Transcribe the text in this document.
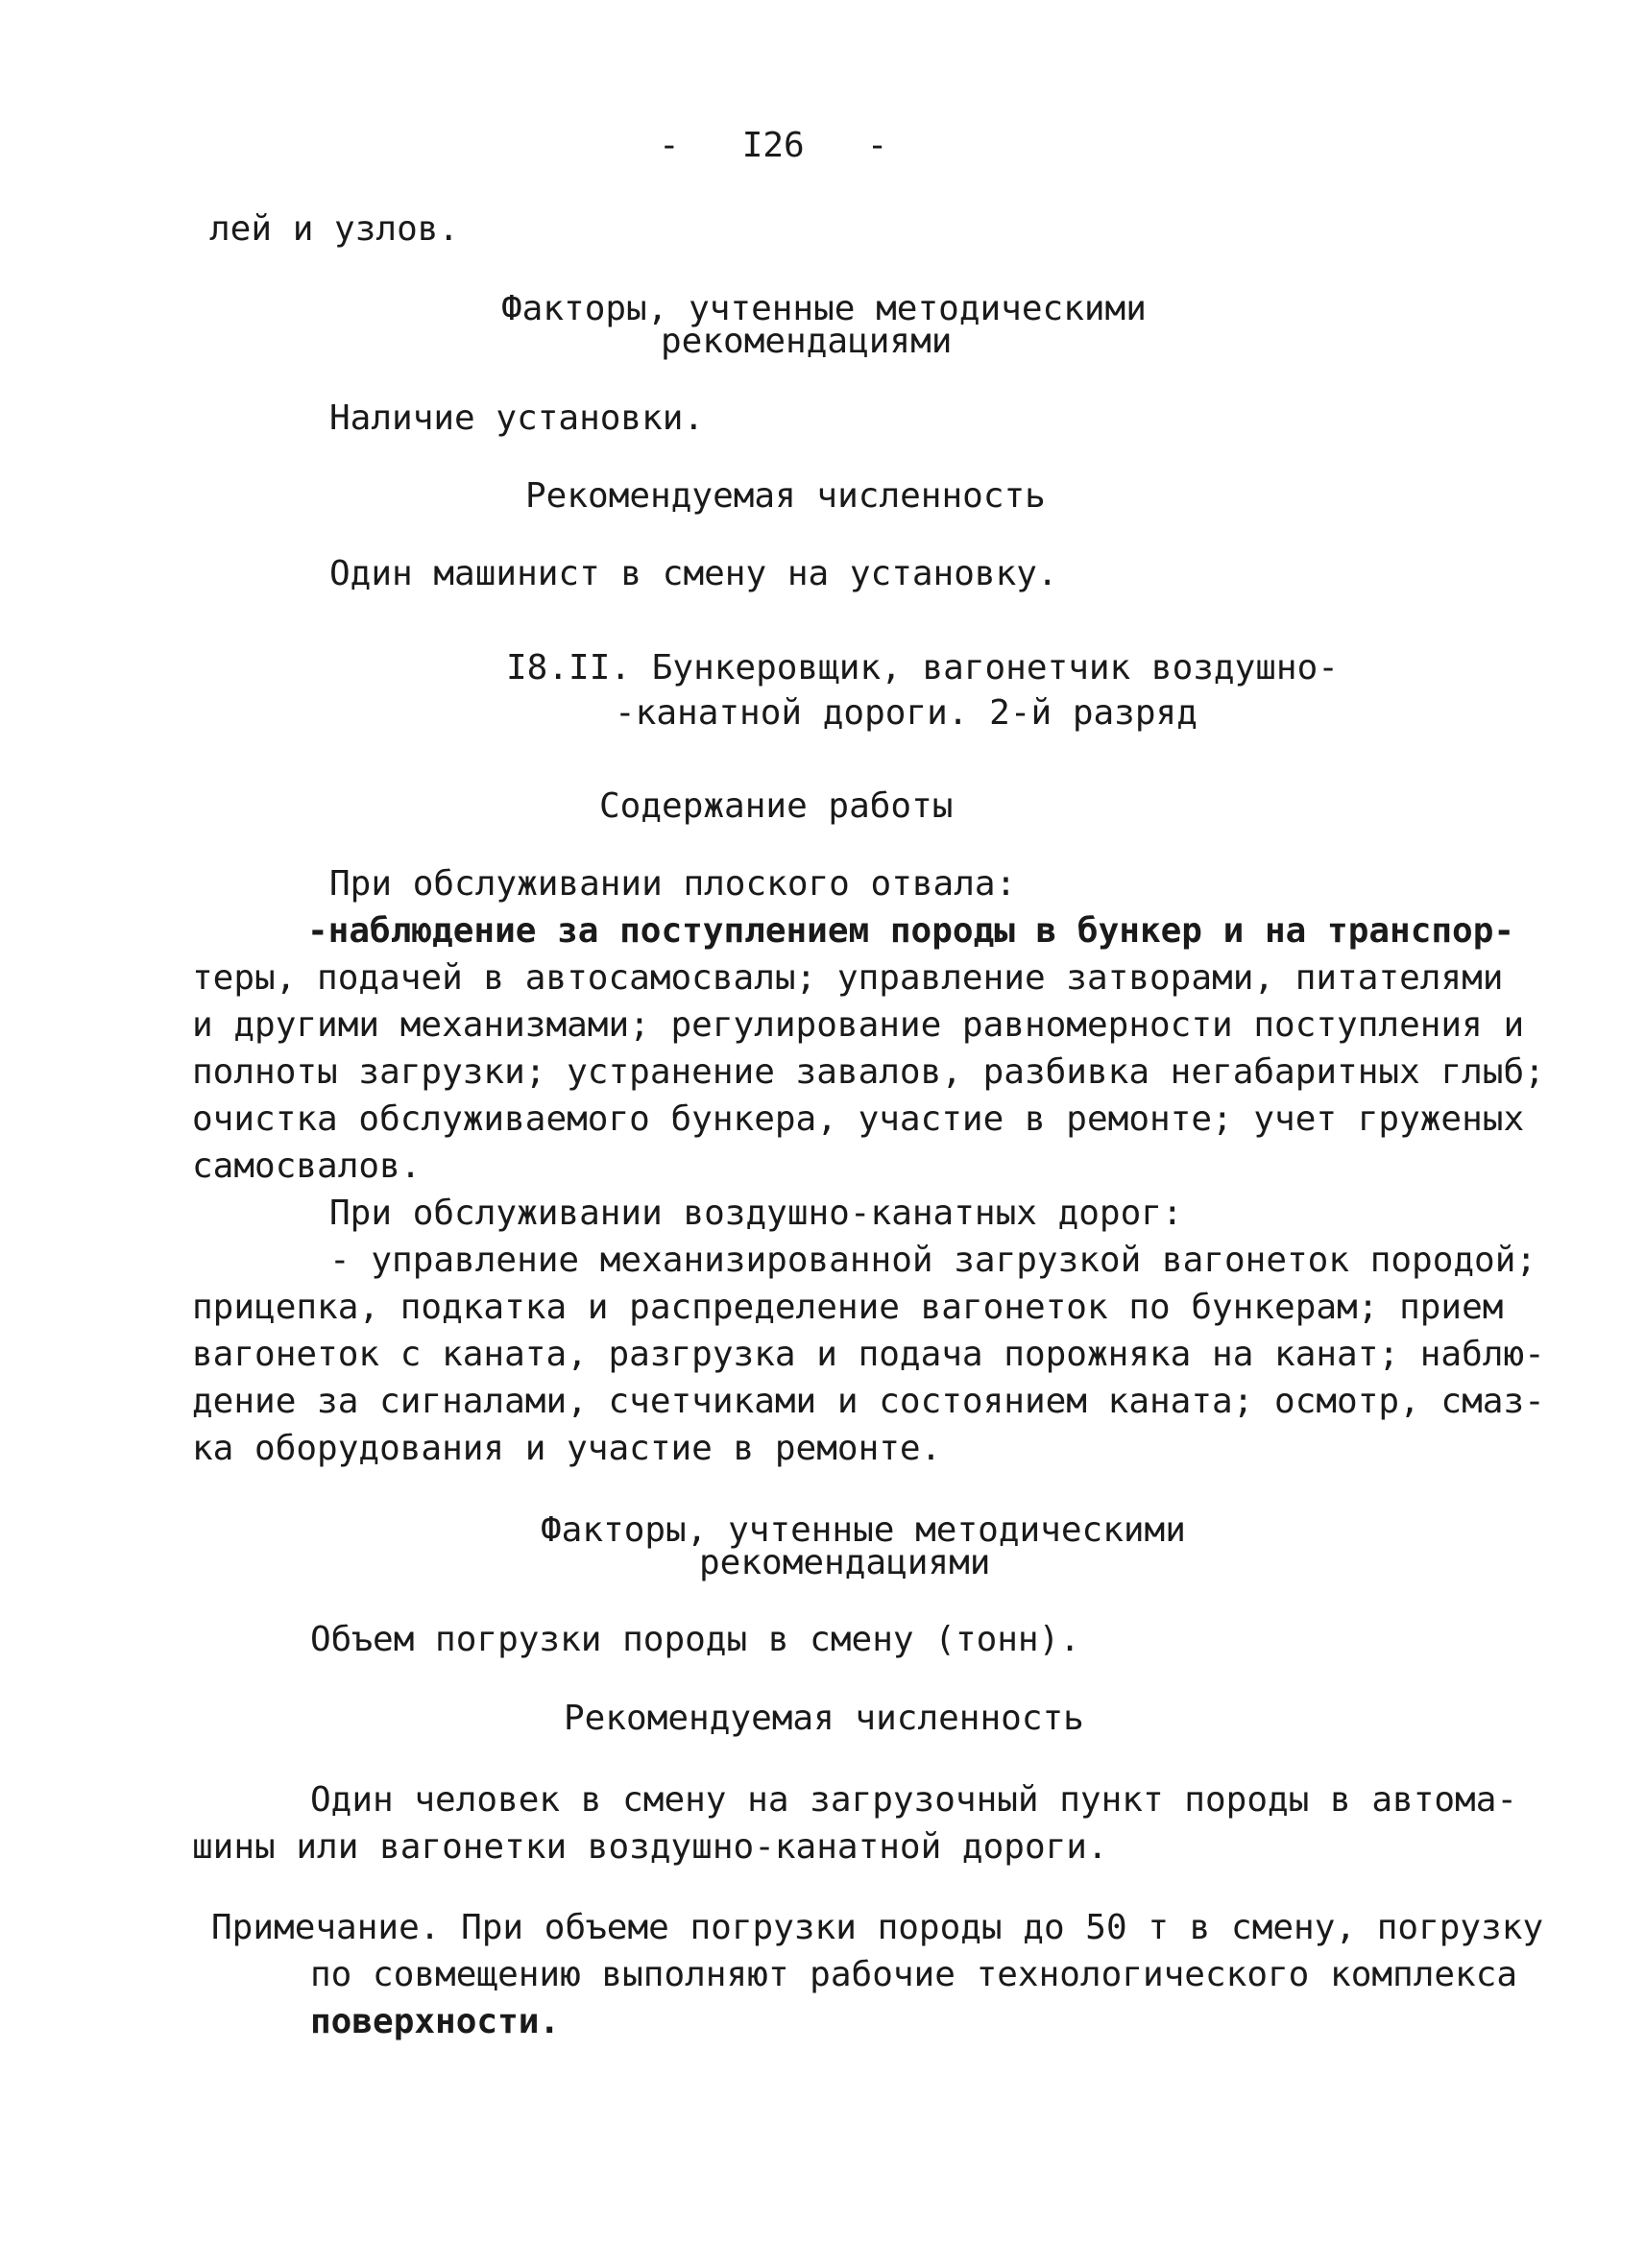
-   I26   -

лей и узлов.

Факторы, учтенные методическими

рекомендациями

Наличие установки.

Рекомендуемая численность

Один машинист в смену на установку.

I8.II. Бункеровщик, вагонетчик воздушно-

-канатной дороги. 2-й разряд

Содержание работы

При обслуживании плоского отвала:

-наблюдение за поступлением породы в бункер и на транспор-

теры, подачей в автосамосвалы; управление затворами, питателями

и другими механизмами; регулирование равномерности поступления и

полноты загрузки; устранение завалов, разбивка негабаритных глыб;

очистка обслуживаемого бункера, участие в ремонте; учет груженых

самосвалов.

При обслуживании воздушно-канатных дорог:

- управление механизированной загрузкой вагонеток породой;

прицепка, подкатка и распределение вагонеток по бункерам; прием

вагонеток с каната, разгрузка и подача порожняка на канат; наблю-

дение за сигналами, счетчиками и состоянием каната; осмотр, смаз-

ка оборудования и участие в ремонте.

Факторы, учтенные методическими

рекомендациями

Объем погрузки породы в смену (тонн).

Рекомендуемая численность

Один человек в смену на загрузочный пункт породы в автома-

шины или вагонетки воздушно-канатной дороги.

Примечание. При объеме погрузки породы до 50 т в смену, погрузку

по совмещению выполняют рабочие технологического комплекса

поверхности.
